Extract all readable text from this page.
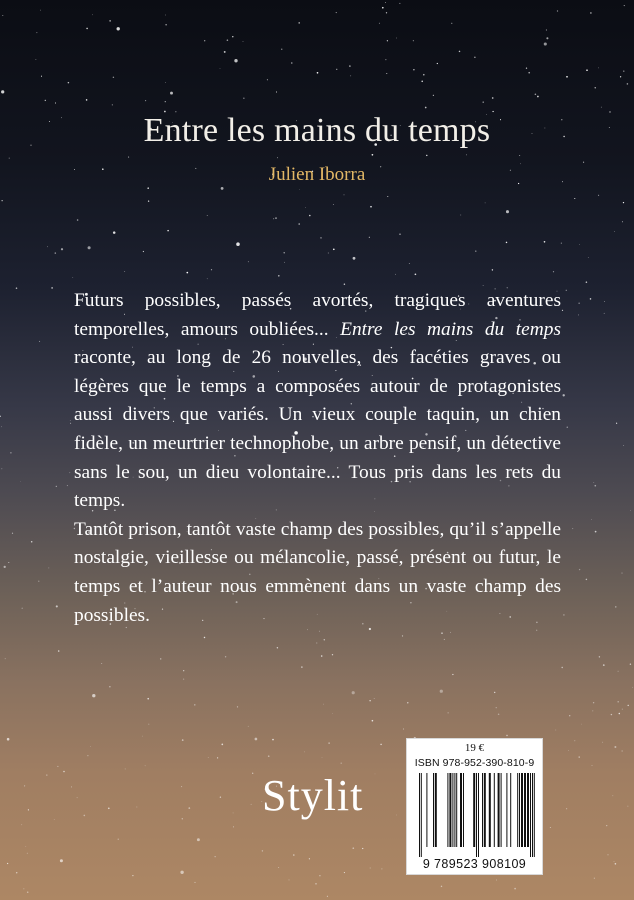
Entre les mains du temps
Julien Iborra

Futurs possibles, passés avortés, tragiques aventures temporelles, amours oubliées... Entre les mains du temps raconte, au long de 26 nouvelles, des facéties graves ou légères que le temps a composées autour de protagonistes aussi divers que variés. Un vieux couple taquin, un chien fidèle, un meurtrier technophobe, un arbre pensif, un détective sans le sou, un dieu volontaire... Tous pris dans les rets du temps.

Tantôt prison, tantôt vaste champ des possibles, qu’il s’appelle nostalgie, vieillesse ou mélancolie, passé, présent ou futur, le temps et l’auteur nous emmènent dans un vaste champ des possibles.

Stylit
19 €
ISBN 978-952-390-810-9
9 789523 908109
